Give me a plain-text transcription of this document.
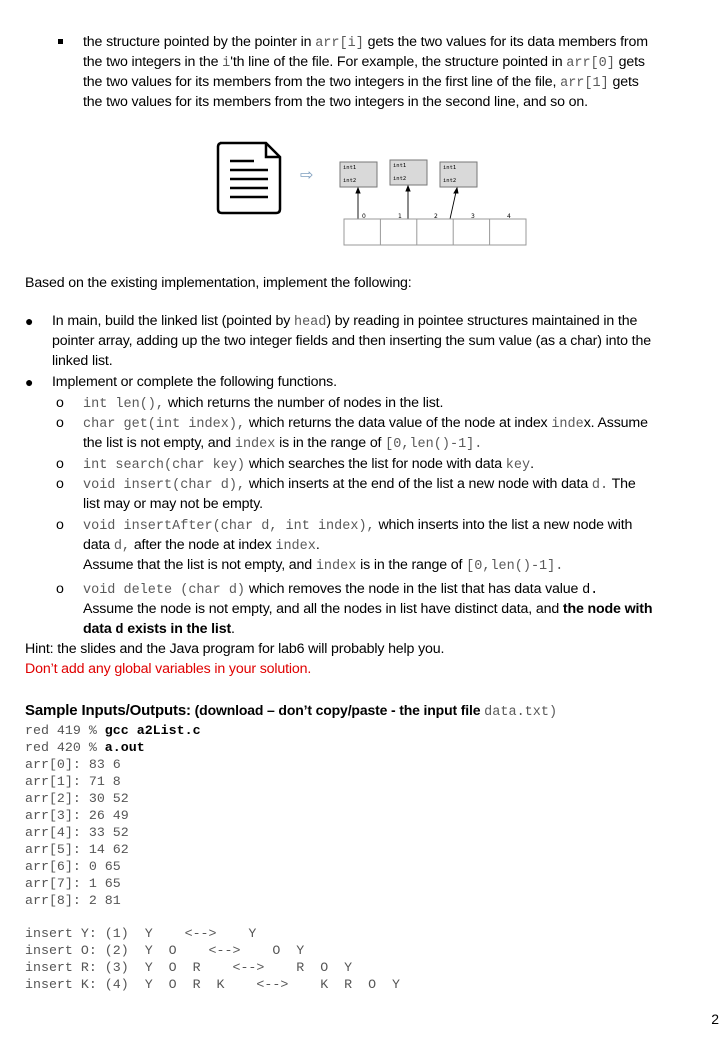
the structure pointed by the pointer in arr[i] gets the two values for its data members from
the two integers in the i'th line of the file. For example, the structure pointed in arr[0] gets
the two values for its members from the two integers in the first line of the file, arr[1] gets
the two values for its members from the two integers in the second line, and so on.
⇨	int1
int2
int1
int2
int1
int2
0	1	2	3	4
Based on the existing implementation, implement the following:
● In main, build the linked list (pointed by head) by reading in pointee structures maintained in the
pointer array, adding up the two integer fields and then inserting the sum value (as a char) into the
linked list.
● Implement or complete the following functions.
o int len(), which returns the number of nodes in the list.
o char get(int index), which returns the data value of the node at index index. Assume
the list is not empty, and index is in the range of [0,len()-1].
o int search(char key) which searches the list for node with data key.
o void insert(char d), which inserts at the end of the list a new node with data d. The
list may or may not be empty.
o void insertAfter(char d, int index), which inserts into the list a new node with
data d, after the node at index index.
Assume that the list is not empty, and index is in the range of [0,len()-1].
o void delete (char d) which removes the node in the list that has data value d.
Assume the node is not empty, and all the nodes in list have distinct data, and the node with
data d exists in the list.
Hint: the slides and the Java program for lab6 will probably help you.
Don’t add any global variables in your solution.
Sample Inputs/Outputs: (download – don’t copy/paste - the input file data.txt)
red 419 % gcc a2List.c
red 420 % a.out
arr[0]: 83 6
arr[1]: 71 8
arr[2]: 30 52
arr[3]: 26 49
arr[4]: 33 52
arr[5]: 14 62
arr[6]: 0 65
arr[7]: 1 65
arr[8]: 2 81
insert Y: (1)  Y    <-->    Y
insert O: (2)  Y  O    <-->    O  Y
insert R: (3)  Y  O  R    <-->    R  O  Y
insert K: (4)  Y  O  R  K    <-->    K  R  O  Y
2
